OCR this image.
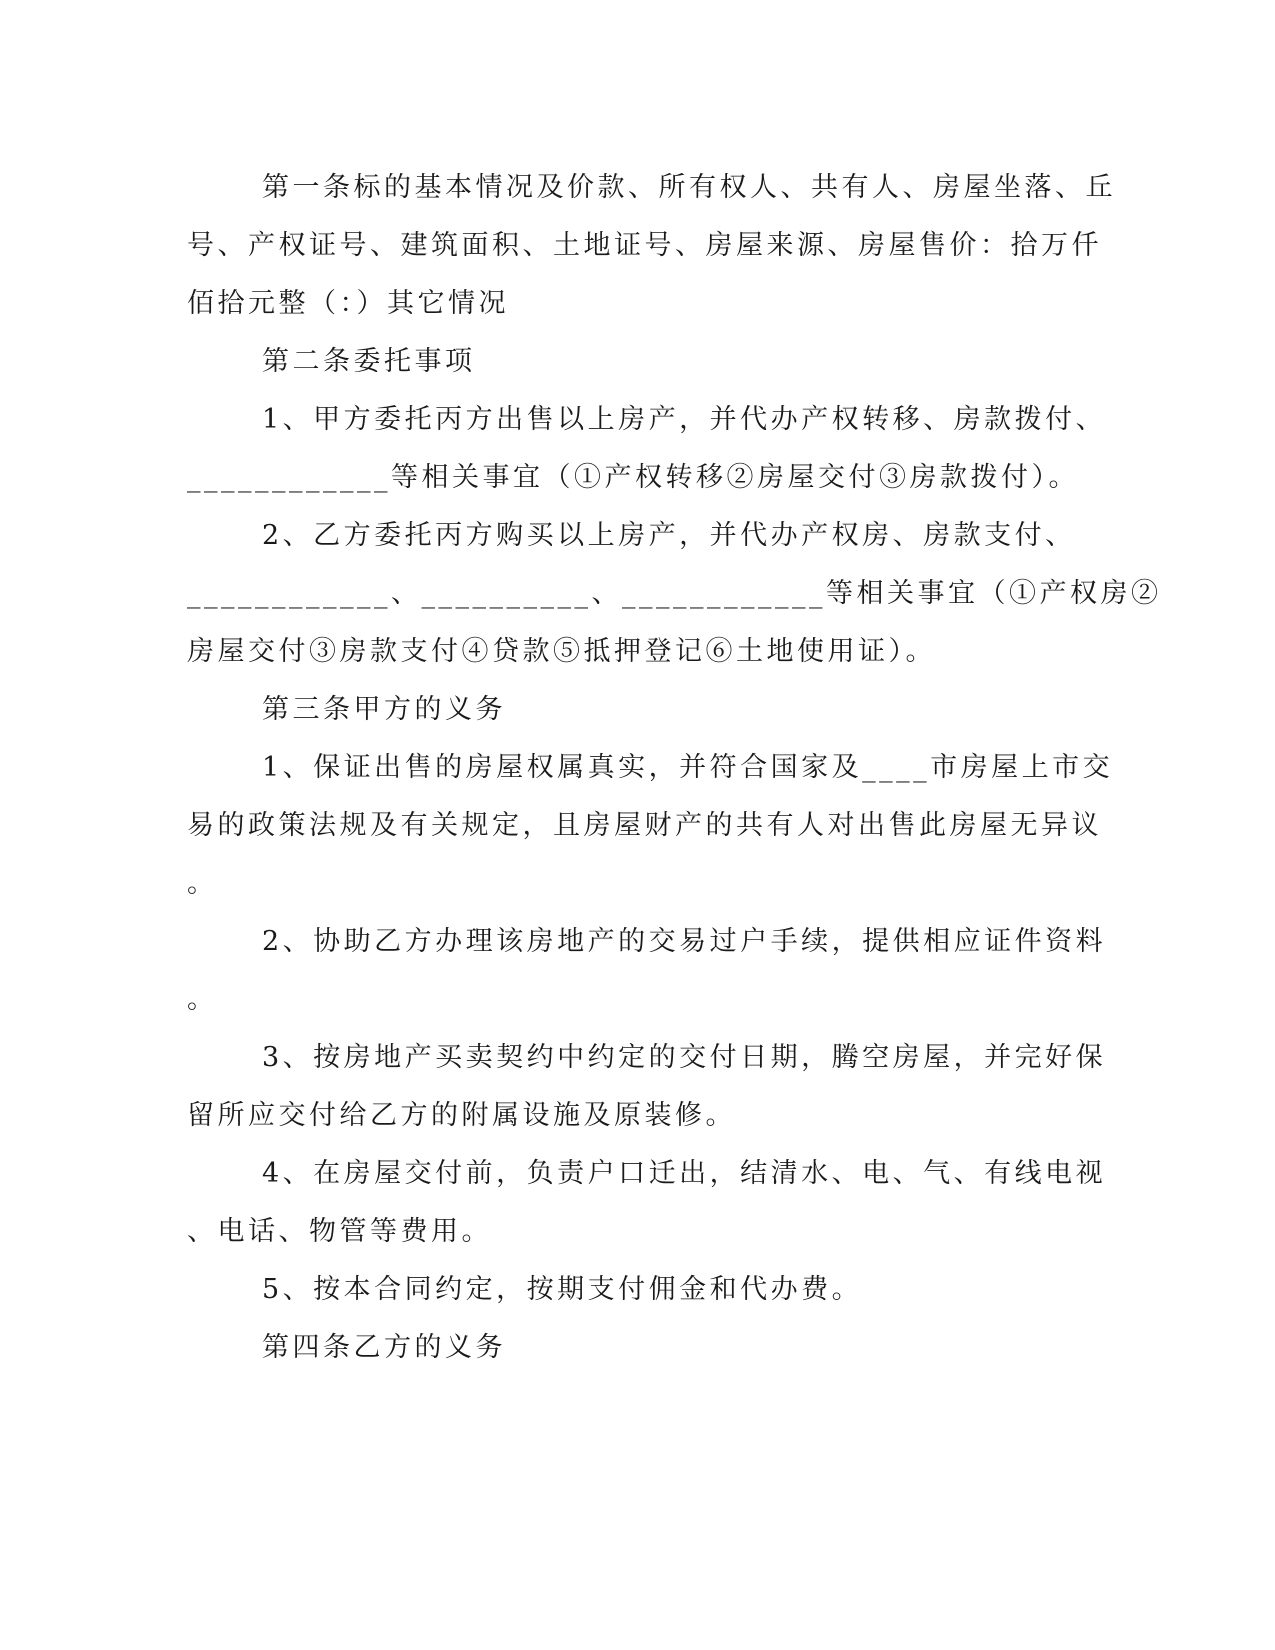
第一条标的基本情况及价款、所有权人、共有人、房屋坐落、丘
号、产权证号、建筑面积、土地证号、房屋来源、房屋售价：拾万仟
佰拾元整（：）其它情况
第二条委托事项
1、甲方委托丙方出售以上房产，并代办产权转移、房款拨付、
____________等相关事宜（①产权转移②房屋交付③房款拨付）。
2、乙方委托丙方购买以上房产，并代办产权房、房款支付、
____________、__________、____________等相关事宜（①产权房②
房屋交付③房款支付④贷款⑤抵押登记⑥土地使用证）。
第三条甲方的义务
1、保证出售的房屋权属真实，并符合国家及____市房屋上市交
易的政策法规及有关规定，且房屋财产的共有人对出售此房屋无异议
。
2、协助乙方办理该房地产的交易过户手续，提供相应证件资料
。
3、按房地产买卖契约中约定的交付日期，腾空房屋，并完好保
留所应交付给乙方的附属设施及原装修。
4、在房屋交付前，负责户口迁出，结清水、电、气、有线电视
、电话、物管等费用。
5、按本合同约定，按期支付佣金和代办费。
第四条乙方的义务
